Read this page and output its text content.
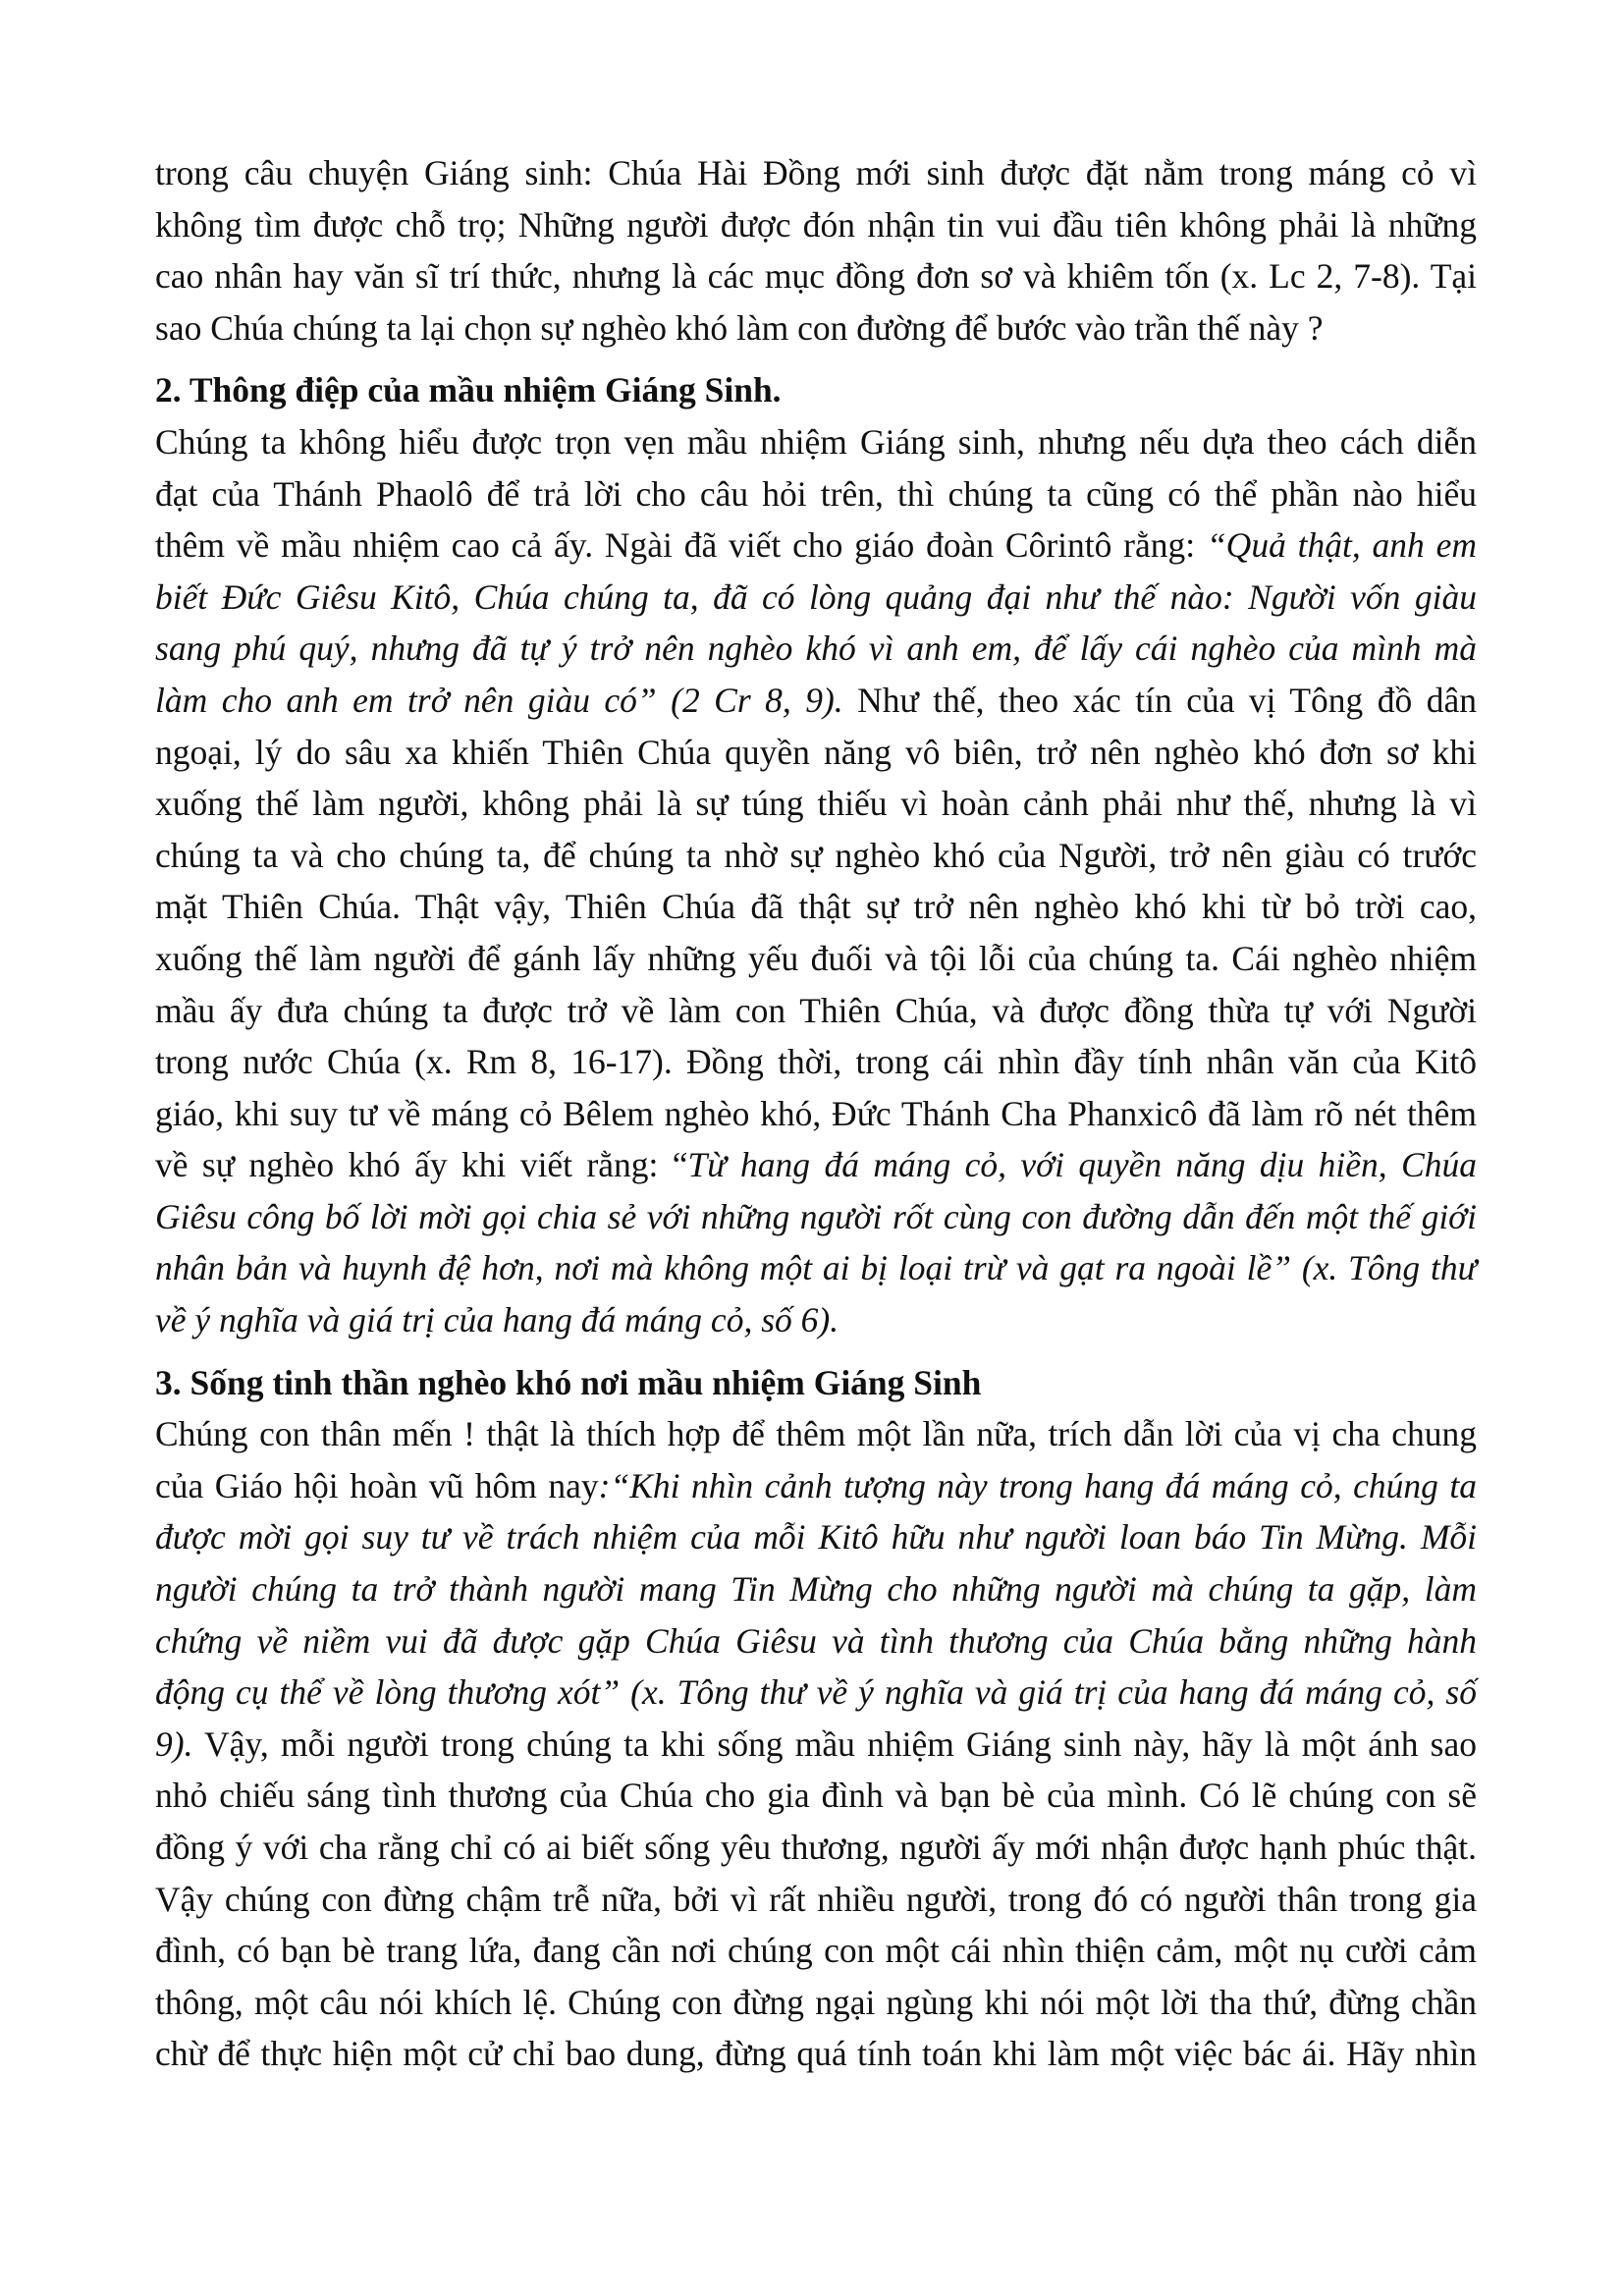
trong câu chuyện Giáng sinh: Chúa Hài Đồng mới sinh được đặt nằm trong máng cỏ vì
không tìm được chỗ trọ; Những người được đón nhận tin vui đầu tiên không phải là những
cao nhân hay văn sĩ trí thức, nhưng là các mục đồng đơn sơ và khiêm tốn (x. Lc 2, 7-8). Tại
sao Chúa chúng ta lại chọn sự nghèo khó làm con đường để bước vào trần thế này ?
2. Thông điệp của mầu nhiệm Giáng Sinh.
Chúng ta không hiểu được trọn vẹn mầu nhiệm Giáng sinh, nhưng nếu dựa theo cách diễn
đạt của Thánh Phaolô để trả lời cho câu hỏi trên, thì chúng ta cũng có thể phần nào hiểu
thêm về mầu nhiệm cao cả ấy. Ngài đã viết cho giáo đoàn Côrintô rằng: “Quả thật, anh em
biết Đức Giêsu Kitô, Chúa chúng ta, đã có lòng quảng đại như thế nào: Người vốn giàu
sang phú quý, nhưng đã tự ý trở nên nghèo khó vì anh em, để lấy cái nghèo của mình mà
làm cho anh em trở nên giàu có” (2 Cr 8, 9). Như thế, theo xác tín của vị Tông đồ dân
ngoại, lý do sâu xa khiến Thiên Chúa quyền năng vô biên, trở nên nghèo khó đơn sơ khi
xuống thế làm người, không phải là sự túng thiếu vì hoàn cảnh phải như thế, nhưng là vì
chúng ta và cho chúng ta, để chúng ta nhờ sự nghèo khó của Người, trở nên giàu có trước
mặt Thiên Chúa. Thật vậy, Thiên Chúa đã thật sự trở nên nghèo khó khi từ bỏ trời cao,
xuống thế làm người để gánh lấy những yếu đuối và tội lỗi của chúng ta. Cái nghèo nhiệm
mầu ấy đưa chúng ta được trở về làm con Thiên Chúa, và được đồng thừa tự với Người
trong nước Chúa (x. Rm 8, 16-17). Đồng thời, trong cái nhìn đầy tính nhân văn của Kitô
giáo, khi suy tư về máng cỏ Bêlem nghèo khó, Đức Thánh Cha Phanxicô đã làm rõ nét thêm
về sự nghèo khó ấy khi viết rằng: “Từ hang đá máng cỏ, với quyền năng dịu hiền, Chúa
Giêsu công bố lời mời gọi chia sẻ với những người rốt cùng con đường dẫn đến một thế giới
nhân bản và huynh đệ hơn, nơi mà không một ai bị loại trừ và gạt ra ngoài lề” (x. Tông thư
về ý nghĩa và giá trị của hang đá máng cỏ, số 6).
3. Sống tinh thần nghèo khó nơi mầu nhiệm Giáng Sinh
Chúng con thân mến ! thật là thích hợp để thêm một lần nữa, trích dẫn lời của vị cha chung
của Giáo hội hoàn vũ hôm nay:“Khi nhìn cảnh tượng này trong hang đá máng cỏ, chúng ta
được mời gọi suy tư về trách nhiệm của mỗi Kitô hữu như người loan báo Tin Mừng. Mỗi
người chúng ta trở thành người mang Tin Mừng cho những người mà chúng ta gặp, làm
chứng về niềm vui đã được gặp Chúa Giêsu và tình thương của Chúa bằng những hành
động cụ thể về lòng thương xót” (x. Tông thư về ý nghĩa và giá trị của hang đá máng cỏ, số
9). Vậy, mỗi người trong chúng ta khi sống mầu nhiệm Giáng sinh này, hãy là một ánh sao
nhỏ chiếu sáng tình thương của Chúa cho gia đình và bạn bè của mình. Có lẽ chúng con sẽ
đồng ý với cha rằng chỉ có ai biết sống yêu thương, người ấy mới nhận được hạnh phúc thật.
Vậy chúng con đừng chậm trễ nữa, bởi vì rất nhiều người, trong đó có người thân trong gia
đình, có bạn bè trang lứa, đang cần nơi chúng con một cái nhìn thiện cảm, một nụ cười cảm
thông, một câu nói khích lệ. Chúng con đừng ngại ngùng khi nói một lời tha thứ, đừng chần
chừ để thực hiện một cử chỉ bao dung, đừng quá tính toán khi làm một việc bác ái. Hãy nhìn
